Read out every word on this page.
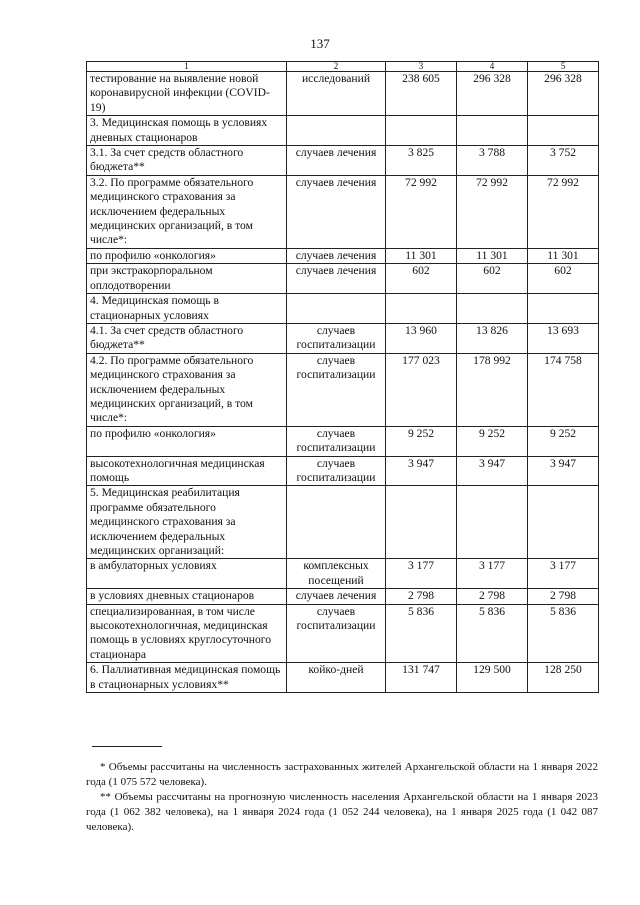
137
1	2	3	4	5
тестирование на выявление новой коронавирусной инфекции (COVID-19)	исследований	238 605	296 328	296 328
3. Медицинская помощь в условиях дневных стационаров				
3.1. За счет средств областного бюджета**	случаев лечения	3 825	3 788	3 752
3.2. По программе обязательного медицинского страхования за исключением федеральных медицинских организаций, в том числе*:	случаев лечения	72 992	72 992	72 992
по профилю «онкология»	случаев лечения	11 301	11 301	11 301
при экстракорпоральном оплодотворении	случаев лечения	602	602	602
4. Медицинская помощь в стационарных условиях				
4.1. За счет средств областного бюджета**	случаев госпитализации	13 960	13 826	13 693
4.2. По программе обязательного медицинского страхования за исключением федеральных медицинских организаций, в том числе*:	случаев госпитализации	177 023	178 992	174 758
по профилю «онкология»	случаев госпитализации	9 252	9 252	9 252
высокотехнологичная медицинская помощь	случаев госпитализации	3 947	3 947	3 947
5. Медицинская реабилитация программе обязательного медицинского страхования за исключением федеральных медицинских организаций:				
в амбулаторных условиях	комплексных посещений	3 177	3 177	3 177
в условиях дневных стационаров	случаев лечения	2 798	2 798	2 798
специализированная, в том числе высокотехнологичная, медицинская помощь в условиях круглосуточного стационара	случаев госпитализации	5 836	5 836	5 836
6. Паллиативная медицинская помощь в стационарных условиях**	койко-дней	131 747	129 500	128 250

* Объемы рассчитаны на численность застрахованных жителей Архангельской области на 1 января 2022 года (1 075 572 человека).

** Объемы рассчитаны на прогнозную численность населения Архангельской области на 1 января 2023 года (1 062 382 человека), на 1 января 2024 года (1 052 244 человека), на 1 января 2025 года (1 042 087 человека).
